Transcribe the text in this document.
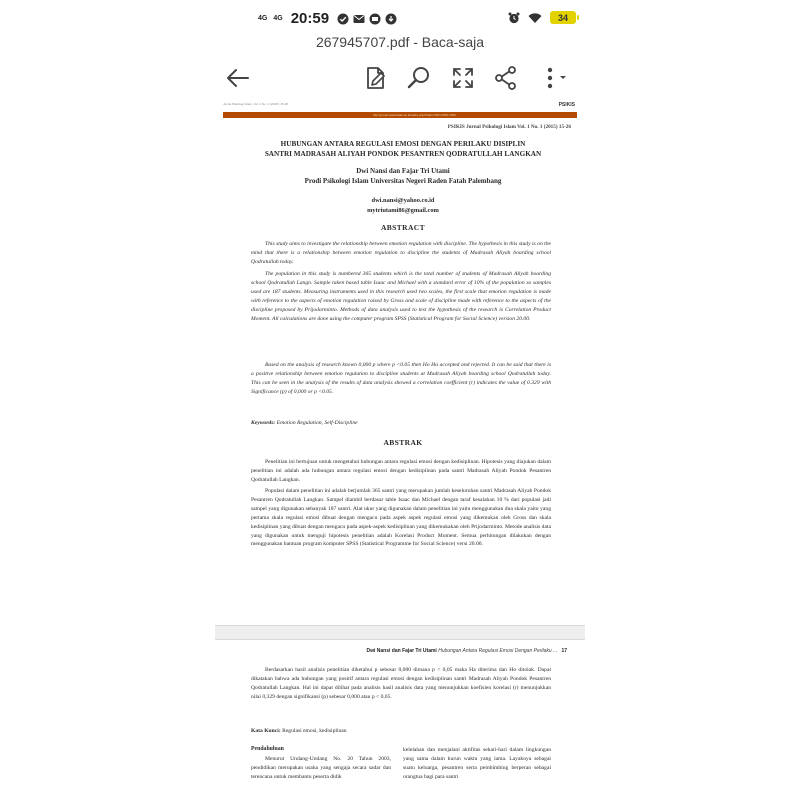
4G 4G 20:59	34
267945707.pdf - Baca-saja
Jurnal Psikologi Islam, Vol. 1 No. 1 (2015): 15-26	PSIKIS
http://jurnal.radenfatah.ac.id/index.php/Psikis ISSN 2502-728X
PSIKIS Jurnal Psikologi Islam Vol. 1 No. 1 (2015) 15-26
HUBUNGAN ANTARA REGULASI EMOSI DENGAN PERILAKU DISIPLIN
SANTRI MADRASAH ALIYAH PONDOK PESANTREN QODRATULLAH LANGKAN
Dwi Nansi dan Fajar Tri Utami
Prodi Psikologi Islam Universitas Negeri Raden Fatah Palembang
dwi.nansi@yahoo.co.id
mytriutami86@gmail.com
ABSTRACT
This study aims to investigate the relationship between emotion regulation with discipline. The hypothesis in this study is on the mind that there is a relationship between emotion regulation to discipline the students of Madrasah Aliyah boarding school Qodratullah today.
The population in this study is numbered 365 students which is the total number of students of Madrasah Aliyah boarding school Qodratullah Langn. Sample taken based table Isaac and Michael with a standard error of 10% of the population so samples used are 187 students. Measuring instruments used in this research used two scales, the first scale that emotion regulation is made with reference to the aspects of emotion regulation raised by Gross and scale of discipline made with reference to the aspects of the discipline proposed by Prijodarminto. Methods of data analysis used to test the hypothesis of the research is Correlation Product Moment. All calculations are done using the computer program SPSS (Statistical Program for Social Science) version 20.00.
Based on the analysis of research known 0,000 p where p <0.05 then Ho Ha accepted and rejected. It can be said that there is a positive relationship between emotion regulation to discipline students at Madrasah Aliyah boarding school Qodratullah today. This can be seen in the analysis of the results of data analysis showed a correlation coefficient (r) indicates the value of 0.329 with Significance (p) of 0,000 or p <0.05.
Keywords: Emotion Regulation, Self-Discipline
ABSTRAK
Penelitian ini bertujuan untuk mengetahui hubungan antara regulasi emosi dengan kedisiplinan. Hipotesis yang diajukan dalam penelitian ini adalah ada hubungan antara regulasi emosi dengan kedisiplinan pada santri Madrasah Aliyah Pondok Pesantren Qodratullah Langkan.
Populasi dalam penelitian ini adalah berjumlah 365 santri yang merupakan jumlah keseluruhan santri Madrasah Aliyah Pondok Pesantren Qodratullah Langkan. Sampel diambil berdasar table Isaac dan Michael dengan taraf kesalahan 10 % dari populasi jadi sampel yang digunakan sebanyak 187 santri. Alat ukur yang digunakan dalam penelitian ini yaitu menggunakan dua skala yaitu yang pertama skala regulasi emosi dibuat dengan mengacu pada aspek aspek regulasi emosi yang dikemukan oleh Gross dan skala kedisiplinan yang dibuat dengan mengacu pada aspek-aspek kedisiplinan yang dikemukakan oleh Prijodarminto. Metode analisis data yang digunakan untuk menguji hipotesis penelitian adalah Korelasi Product Moment. Semua perhitungan dilakukan dengan menggunakan bantuan program komputer SPSS (Statistical Programme for Social Science) versi 20.00.
Dwi Nansi dan Fajar Tri Utami Hubungan Antara Regulasi Emosi Dengan Perilaku ... 17
Berdasarkan hasil analisis penelitian diketahui p sebesar 0,000 dimana p < 0,05 maka Ha diterima dan Ho ditolak. Dapat dikatakan bahwa ada hubungan yang positif antara regulasi emosi dengan kedisiplinan santri Madrasah Aliyah Pondok Pesantren Qodratullah Langkan. Hal ini dapat dilihat pada analisis hasil analisis data yang menunjukkan koefisien korelasi (r) menunjukkan nilai 0,329 dengan signifikansi (p) sebesar 0,000 atau p < 0,05.
Kata Kunci: Regulasi emosi, kedisiplinan
Pendahuluan
Menurut Undang-Undang No. 20 Tahun 2003, pendidikan merupakan usaha yang sengaja secara sadar dan terencana untuk membantu peserta didik
kelelahan dan menjalani aktifitas sehari-hari dalam lingkungan yang sama dalam kurun waktu yang lama. Layaknya sebagai suatu keluarga, pesantren serta pembimbing berperan sebagai orangtua bagi para santri
